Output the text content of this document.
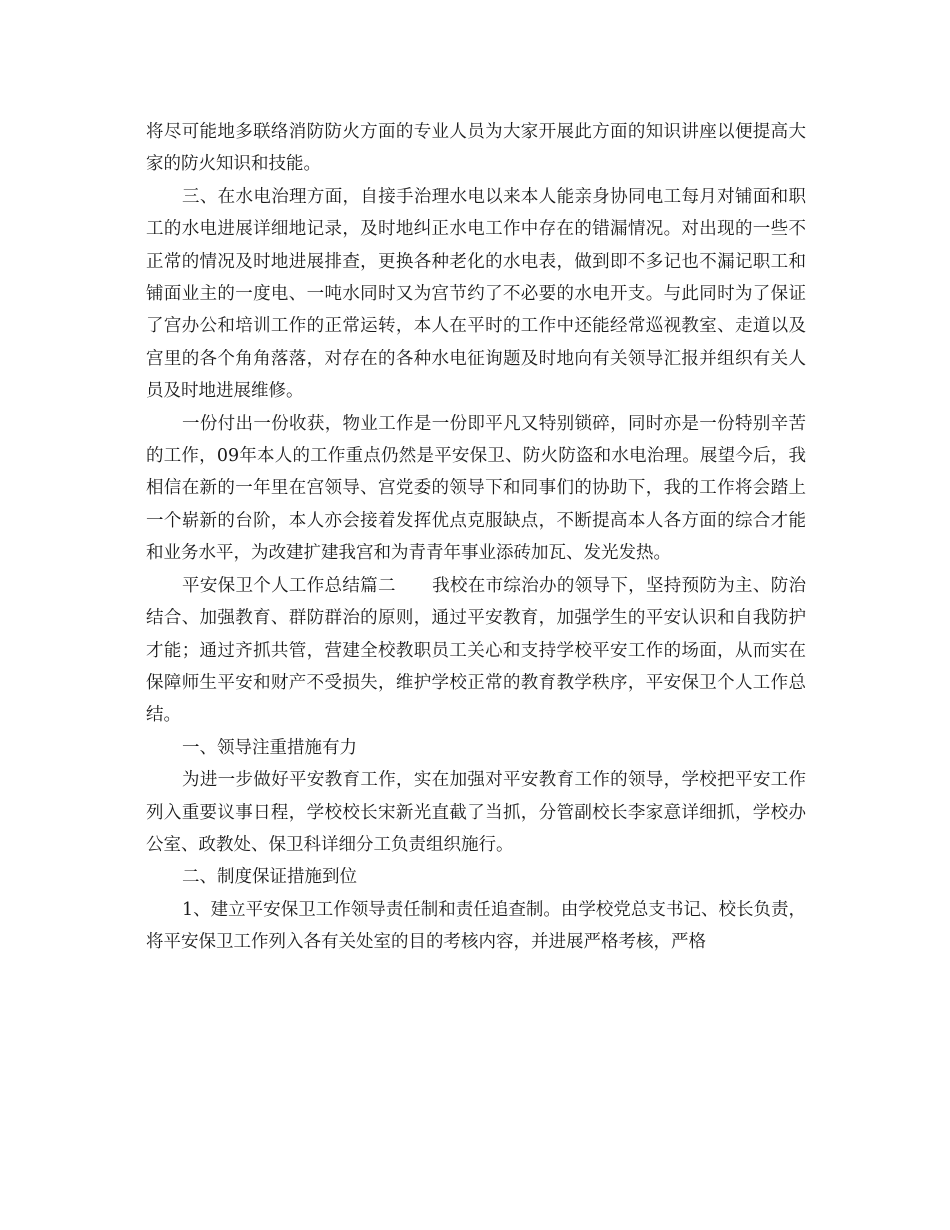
将尽可能地多联络消防防火方面的专业人员为大家开展此方面的知识讲座以便提高大家的防火知识和技能。

三、在水电治理方面，自接手治理水电以来本人能亲身协同电工每月对铺面和职工的水电进展详细地记录，及时地纠正水电工作中存在的错漏情况。对出现的一些不正常的情况及时地进展排查，更换各种老化的水电表，做到即不多记也不漏记职工和铺面业主的一度电、一吨水同时又为宫节约了不必要的水电开支。与此同时为了保证了宫办公和培训工作的正常运转，本人在平时的工作中还能经常巡视教室、走道以及宫里的各个角角落落，对存在的各种水电征询题及时地向有关领导汇报并组织有关人员及时地进展维修。

一份付出一份收获，物业工作是一份即平凡又特别锁碎，同时亦是一份特别辛苦的工作，09年本人的工作重点仍然是平安保卫、防火防盗和水电治理。展望今后，我相信在新的一年里在宫领导、宫党委的领导下和同事们的协助下，我的工作将会踏上一个崭新的台阶，本人亦会接着发挥优点克服缺点，不断提高本人各方面的综合才能和业务水平，为改建扩建我宫和为青青年事业添砖加瓦、发光发热。

平安保卫个人工作总结篇二 我校在市综治办的领导下，坚持预防为主、防治结合、加强教育、群防群治的原则，通过平安教育，加强学生的平安认识和自我防护才能；通过齐抓共管，营建全校教职员工关心和支持学校平安工作的场面，从而实在保障师生平安和财产不受损失，维护学校正常的教育教学秩序，平安保卫个人工作总结。

一、领导注重措施有力

为进一步做好平安教育工作，实在加强对平安教育工作的领导，学校把平安工作列入重要议事日程，学校校长宋新光直截了当抓，分管副校长李家意详细抓，学校办公室、政教处、保卫科详细分工负责组织施行。

二、制度保证措施到位

1、建立平安保卫工作领导责任制和责任追查制。由学校党总支书记、校长负责，将平安保卫工作列入各有关处室的目的考核内容，并进展严格考核，严格
